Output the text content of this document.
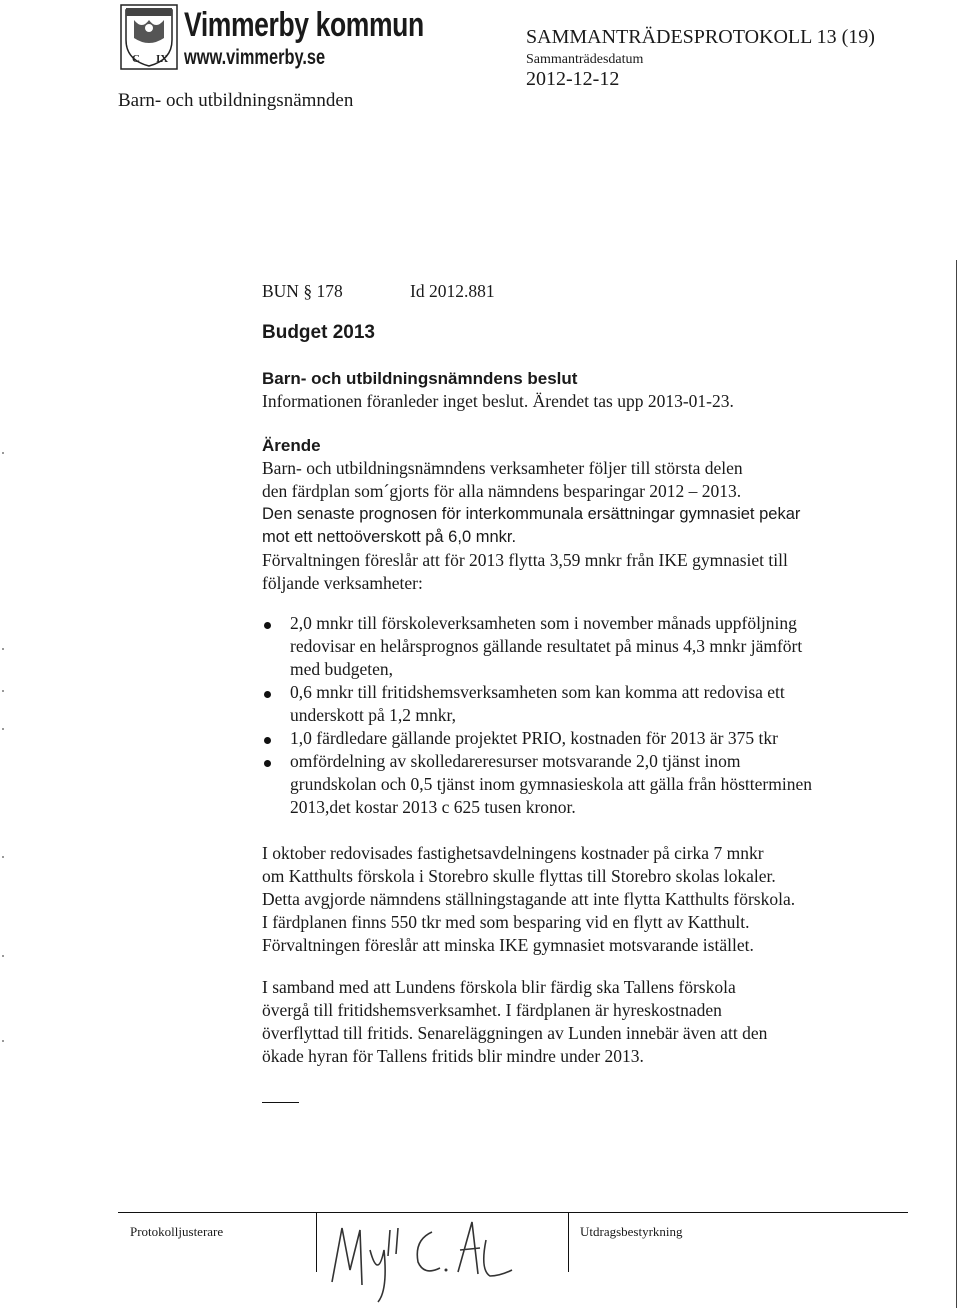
C IX
Vimmerby kommun
www.vimmerby.se
Barn- och utbildningsnämnden
SAMMANTRÄDESPROTOKOLL 13 (19)
Sammanträdesdatum
2012-12-12
BUN § 178	Id 2012.881
Budget 2013
Barn- och utbildningsnämndens beslut
Informationen föranleder inget beslut. Ärendet tas upp 2013-01-23.
Ärende
Barn- och utbildningsnämndens verksamheter följer till största delen
den färdplan som´gjorts för alla nämndens besparingar 2012 – 2013.
Den senaste prognosen för interkommunala ersättningar gymnasiet pekar
mot ett nettoöverskott på 6,0 mnkr.
Förvaltningen föreslår att för 2013 flytta 3,59 mnkr från IKE gymnasiet till
följande verksamheter:
2,0 mnkr till förskoleverksamheten som i november månads uppföljning
redovisar en helårsprognos gällande resultatet på minus 4,3 mnkr jämfört
med budgeten,
0,6 mnkr till fritidshemsverksamheten som kan komma att redovisa ett
underskott på 1,2 mnkr,
1,0 färdledare gällande projektet PRIO, kostnaden för 2013 är 375 tkr
omfördelning av skolledareresurser motsvarande 2,0 tjänst inom
grundskolan och 0,5 tjänst inom gymnasieskola att gälla från höstterminen
2013,det kostar 2013 c 625 tusen kronor.
I oktober redovisades fastighetsavdelningens kostnader på cirka 7 mnkr
om Katthults förskola i Storebro skulle flyttas till Storebro skolas lokaler.
Detta avgjorde nämndens ställningstagande att inte flytta Katthults förskola.
I färdplanen finns 550 tkr med som besparing vid en flytt av Katthult.
Förvaltningen föreslår att minska IKE gymnasiet motsvarande istället.
I samband med att Lundens förskola blir färdig ska Tallens förskola
övergå till fritidshemsverksamhet. I färdplanen är hyreskostnaden
överflyttad till fritids. Senareläggningen av Lunden innebär även att den
ökade hyran för Tallens fritids blir mindre under 2013.
Protokolljusterare	Utdragsbestyrkning
